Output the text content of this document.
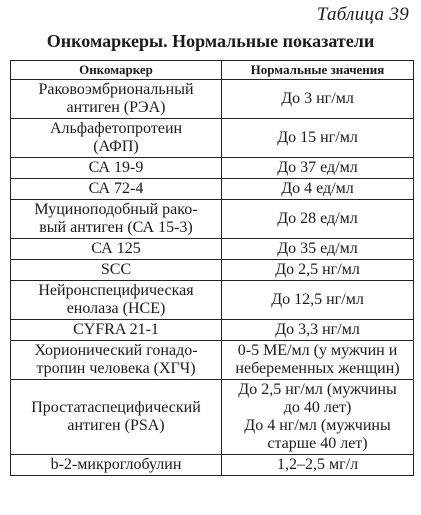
Таблица 39
Онкомаркеры. Нормальные показатели
Онкомаркер	Нормальные значения

Раковоэмбриональный
антиген (РЭА)	До 3 нг/мл

Альфафетопротеин
(АФП)	До 15 нг/мл

СА 19-9	До 37 ед/мл

СА 72-4	До 4 ед/мл

Муциноподобный рако-
вый антиген (СА 15-3)	До 28 ед/мл

СА 125	До 35 ед/мл

SCC	До 2,5 нг/мл

Нейронспецифическая
енолаза (НСЕ)	До 12,5 нг/мл

CYFRA 21-1	До 3,3 нг/мл

Хорионический гонадо-
тропин человека (ХГЧ)	0-5 МЕ/мл (у мужчин и
небеременных женщин)

Простатаспецифический
антиген (PSA)	До 2,5 нг/мл (мужчины
до 40 лет)
До 4 нг/мл (мужчины
старше 40 лет)

b-2-микроглобулин	1,2–2,5 мг/л
